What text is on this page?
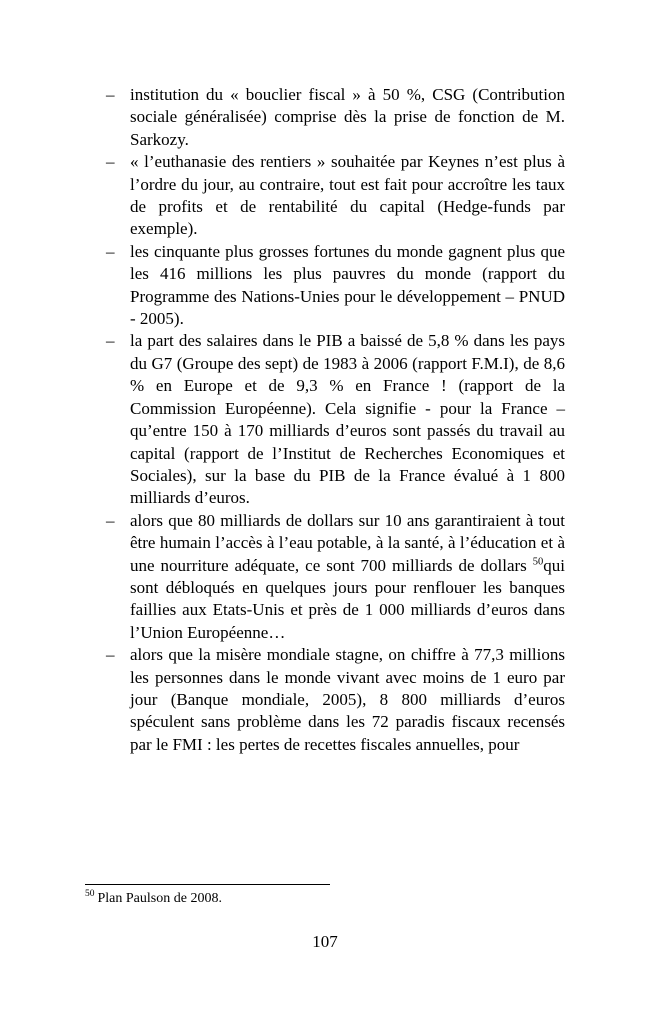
– institution du « bouclier fiscal » à 50 %, CSG (Contribution sociale généralisée) comprise dès la prise de fonction de M. Sarkozy.
– « l’euthanasie des rentiers » souhaitée par Keynes n’est plus à l’ordre du jour, au contraire, tout est fait pour accroître les taux de profits et de rentabilité du capital (Hedge-funds par exemple).
– les cinquante plus grosses fortunes du monde gagnent plus que les 416 millions les plus pauvres du monde (rapport du Programme des Nations-Unies pour le développement – PNUD - 2005).
– la part des salaires dans le PIB a baissé de 5,8 % dans les pays du G7 (Groupe des sept) de 1983 à 2006 (rapport F.M.I), de 8,6 % en Europe et de 9,3 % en France ! (rapport de la Commission Européenne). Cela signifie - pour la France – qu’entre 150 à 170 milliards d’euros sont passés du travail au capital (rapport de l’Institut de Recherches Economiques et Sociales), sur la base du PIB de la France évalué à 1 800 milliards d’euros.
– alors que 80 milliards de dollars sur 10 ans garantiraient à tout être humain l’accès à l’eau potable, à la santé, à l’éducation et à une nourriture adéquate, ce sont 700 milliards de dollars $^{50}$qui sont débloqués en quelques jours pour renflouer les banques faillies aux Etats-Unis et près de 1 000 milliards d’euros dans l’Union Européenne…
– alors que la misère mondiale stagne, on chiffre à 77,3 millions les personnes dans le monde vivant avec moins de 1 euro par jour (Banque mondiale, 2005), 8 800 milliards d’euros spéculent sans problème dans les 72 paradis fiscaux recensés par le FMI : les pertes de recettes fiscales annuelles, pour
$^{50}$ Plan Paulson de 2008.
107
